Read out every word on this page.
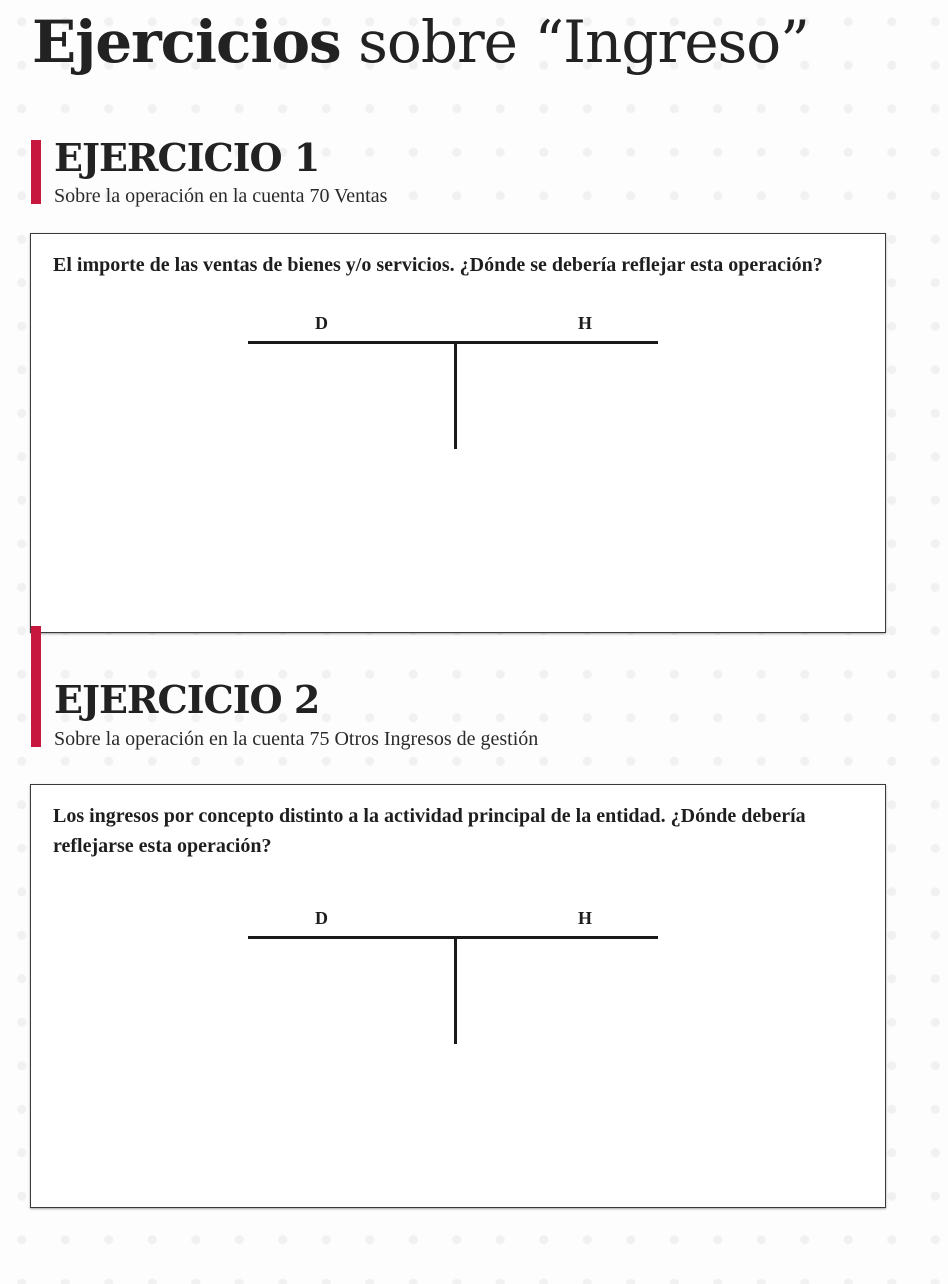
Ejercicios sobre “Ingreso”
EJERCICIO 1

Sobre la operación en la cuenta 70 Ventas

El importe de las ventas de bienes y/o servicios. ¿Dónde se debería reflejar esta operación?

D	H
EJERCICIO 2

Sobre la operación en la cuenta 75 Otros Ingresos de gestión

Los ingresos por concepto distinto a la actividad principal de la entidad. ¿Dónde debería reflejarse esta operación?

D	H
